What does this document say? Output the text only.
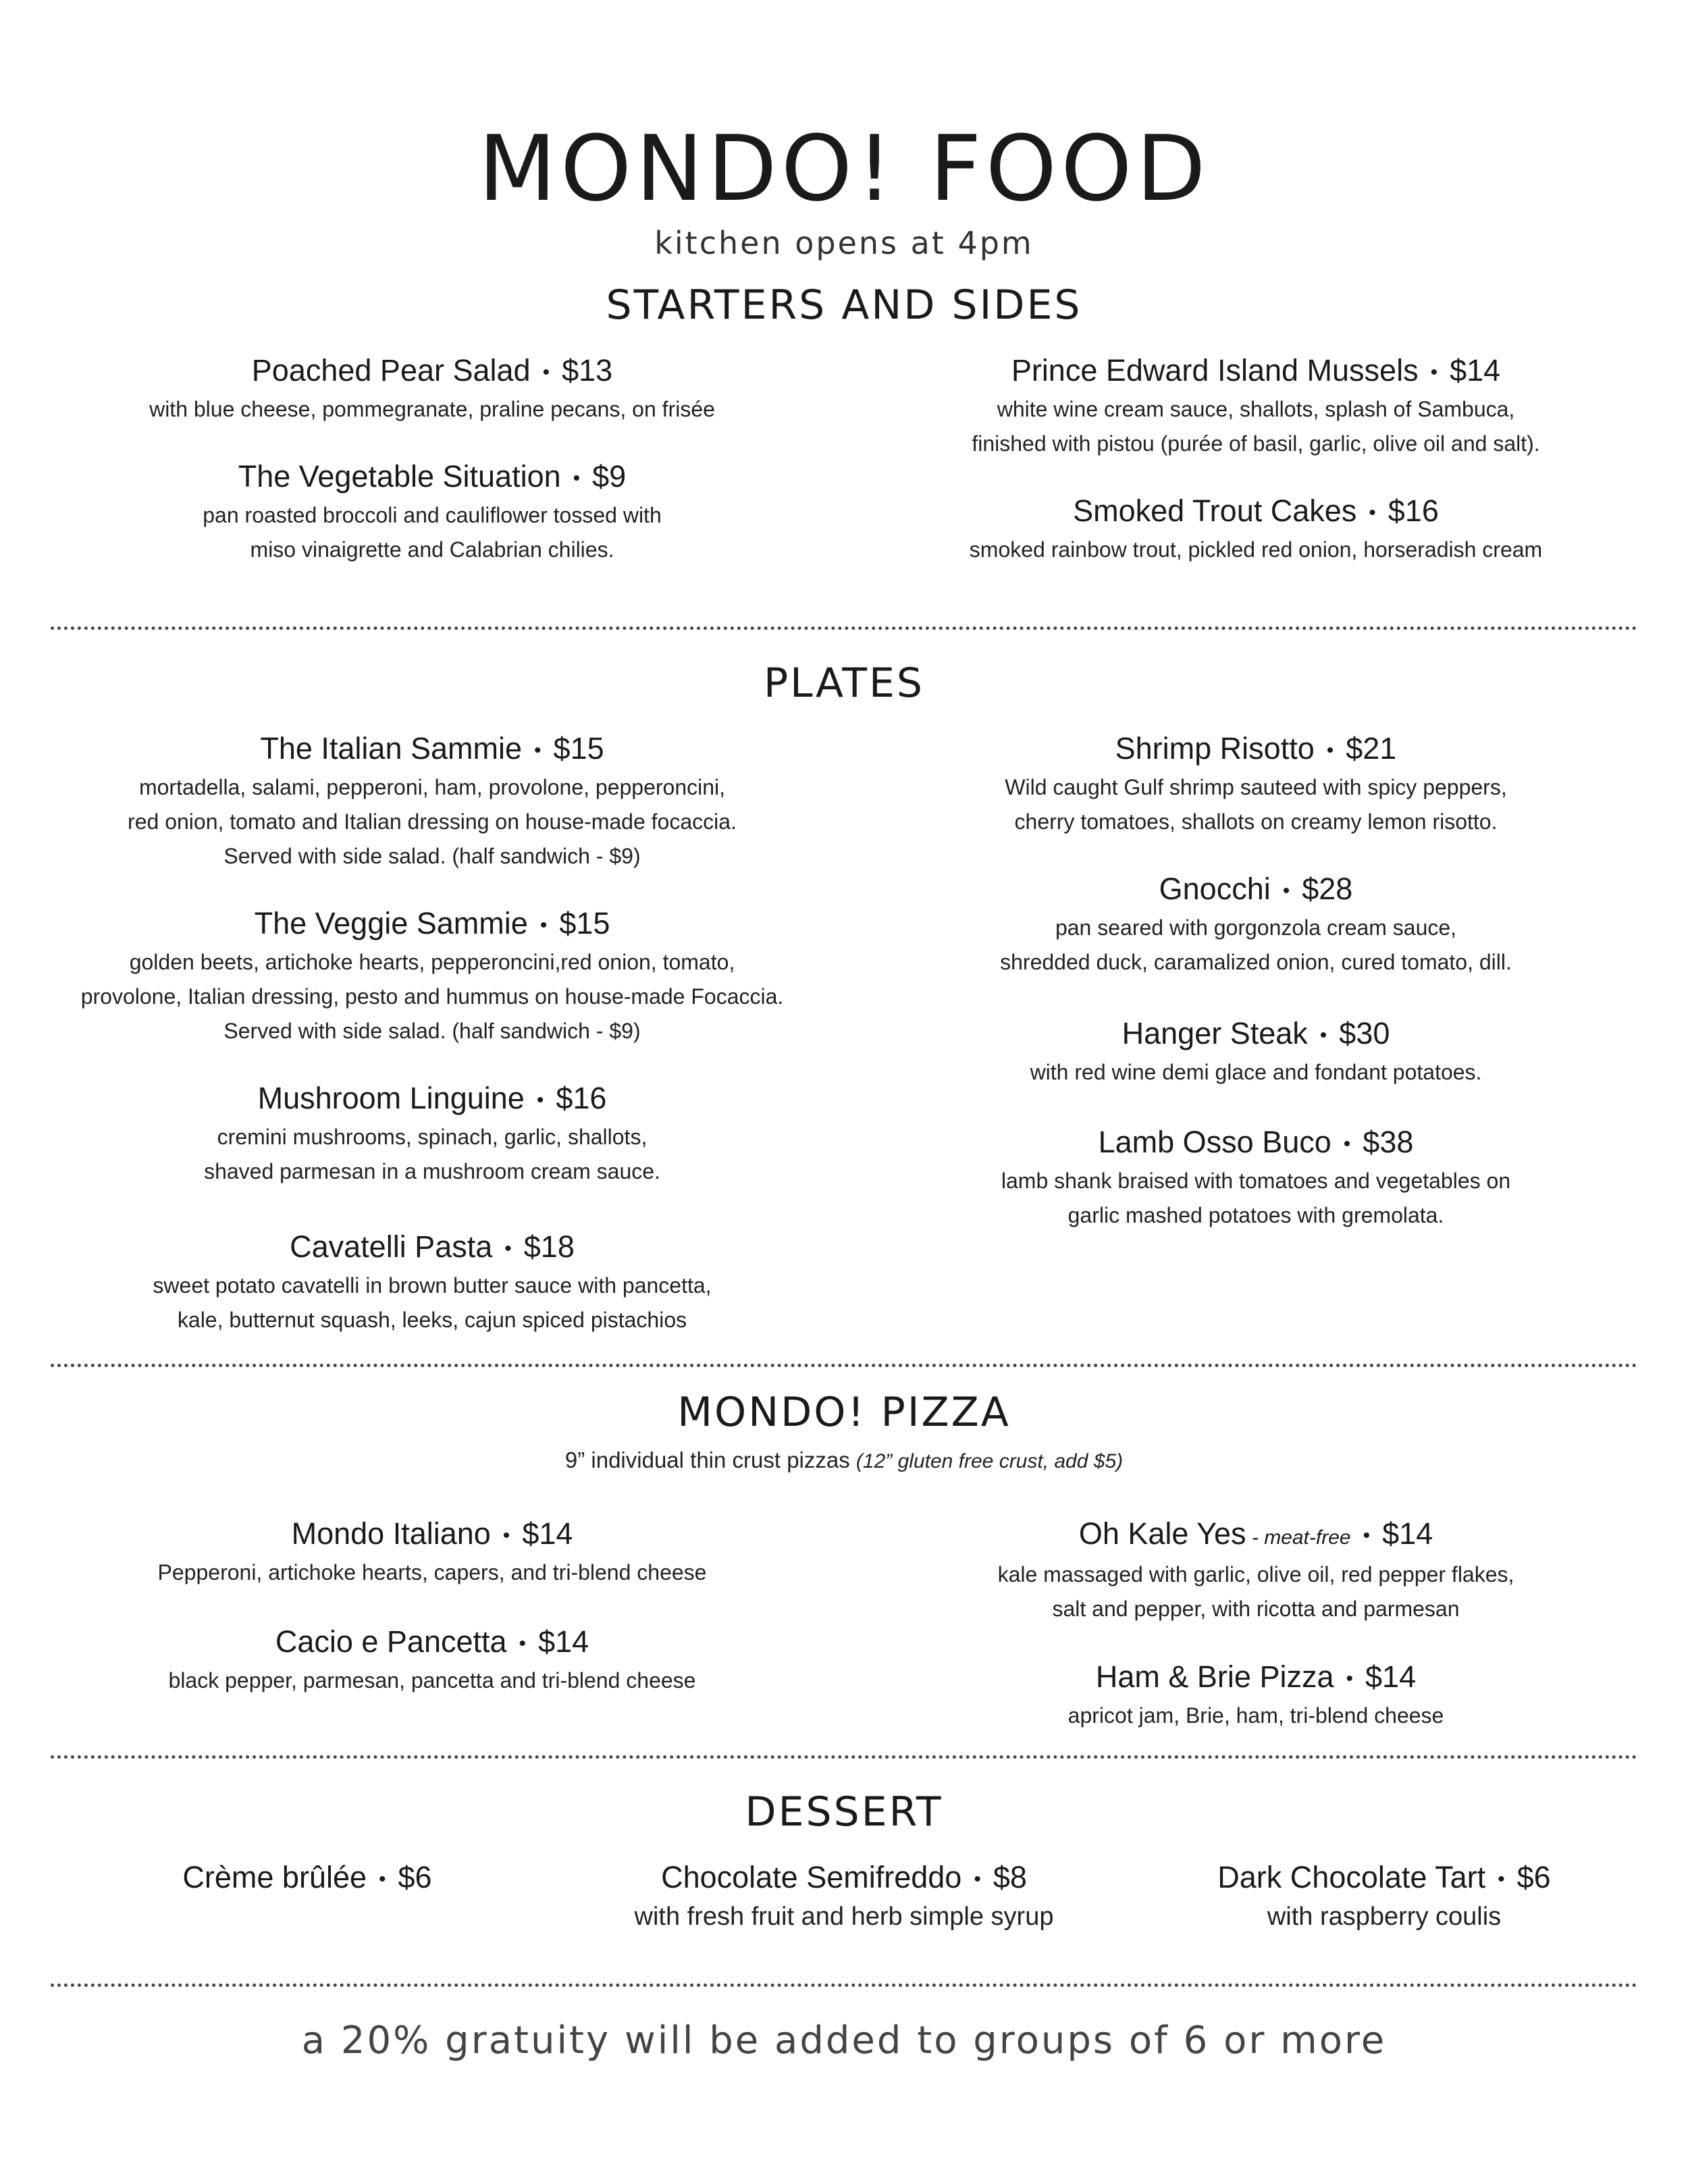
MONDO! FOOD
kitchen opens at 4pm
STARTERS AND SIDES
Poached Pear Salad • $13
with blue cheese, pommegranate, praline pecans, on frisée
The Vegetable Situation • $9
pan roasted broccoli and cauliflower tossed with
miso vinaigrette and Calabrian chilies.
Prince Edward Island Mussels • $14
white wine cream sauce, shallots, splash of Sambuca,
finished with pistou (purée of basil, garlic, olive oil and salt).
Smoked Trout Cakes • $16
smoked rainbow trout, pickled red onion, horseradish cream
PLATES
The Italian Sammie • $15
mortadella, salami, pepperoni, ham, provolone, pepperoncini,
red onion, tomato and Italian dressing on house-made focaccia.
Served with side salad. (half sandwich - $9)
The Veggie Sammie • $15
golden beets, artichoke hearts, pepperoncini,red onion, tomato,
provolone, Italian dressing, pesto and hummus on house-made Focaccia.
Served with side salad. (half sandwich - $9)
Mushroom Linguine • $16
cremini mushrooms, spinach, garlic, shallots,
shaved parmesan in a mushroom cream sauce.
Cavatelli Pasta • $18
sweet potato cavatelli in brown butter sauce with pancetta,
kale, butternut squash, leeks, cajun spiced pistachios
Shrimp Risotto • $21
Wild caught Gulf shrimp sauteed with spicy peppers,
cherry tomatoes, shallots on creamy lemon risotto.
Gnocchi • $28
pan seared with gorgonzola cream sauce,
shredded duck, caramalized onion, cured tomato, dill.
Hanger Steak • $30
with red wine demi glace and fondant potatoes.
Lamb Osso Buco • $38
lamb shank braised with tomatoes and vegetables on
garlic mashed potatoes with gremolata.
MONDO! PIZZA
9” individual thin crust pizzas (12” gluten free crust, add $5)
Mondo Italiano • $14
Pepperoni, artichoke hearts, capers, and tri-blend cheese
Cacio e Pancetta • $14
black pepper, parmesan, pancetta and tri-blend cheese
Oh Kale Yes - meat-free • $14
kale massaged with garlic, olive oil, red pepper flakes,
salt and pepper, with ricotta and parmesan
Ham & Brie Pizza • $14
apricot jam, Brie, ham, tri-blend cheese
DESSERT
Crème brûlée • $6	Chocolate Semifreddo • $8
with fresh fruit and herb simple syrup
Dark Chocolate Tart • $6
with raspberry coulis
a 20% gratuity will be added to groups of 6 or more
